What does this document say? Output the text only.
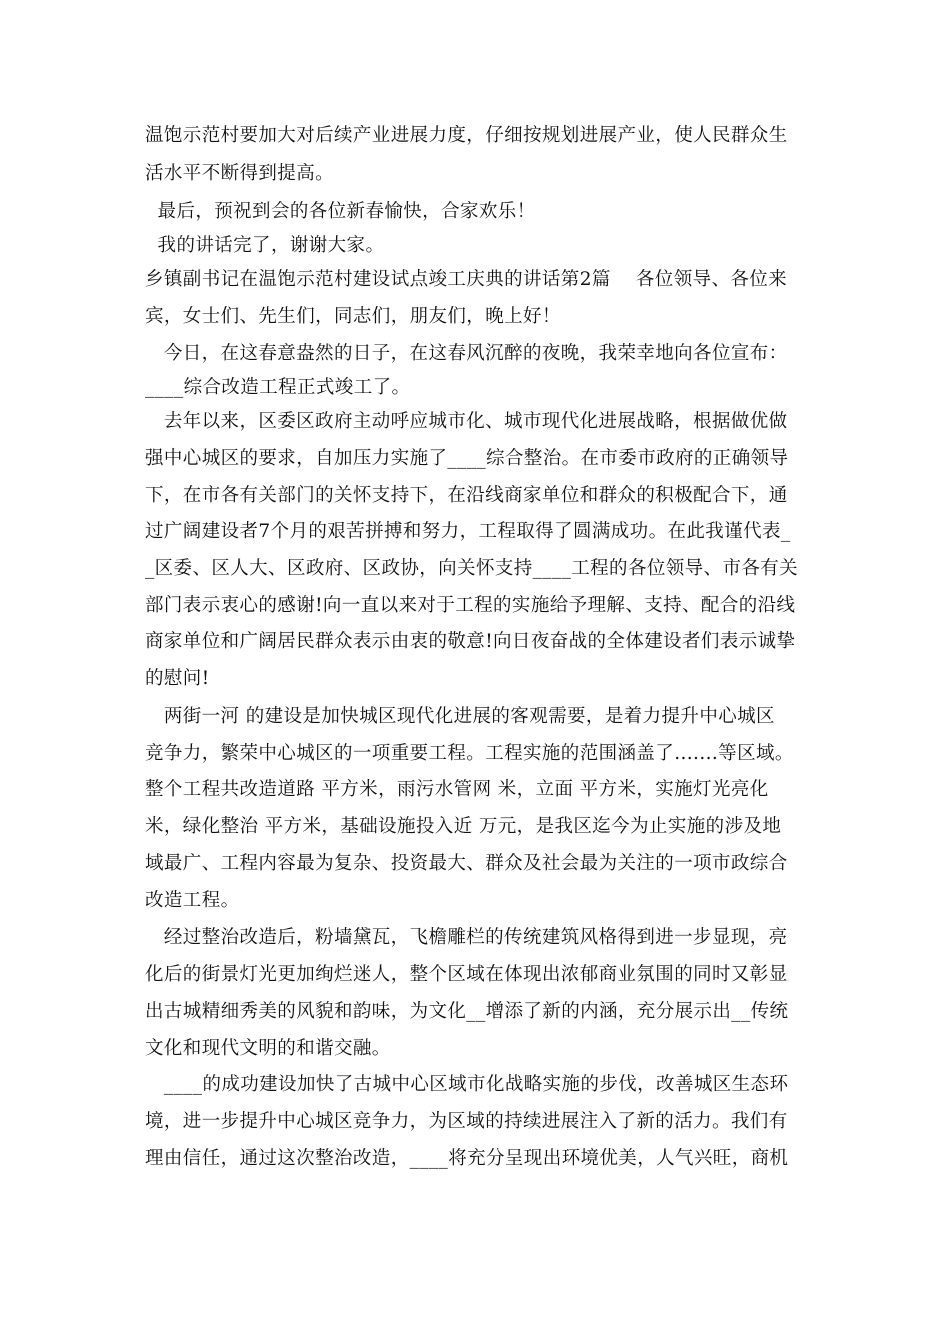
温饱示范村要加大对后续产业进展力度，仔细按规划进展产业，使人民群众生
活水平不断得到提高。
最后，预祝到会的各位新春愉快，合家欢乐！
我的讲话完了，谢谢大家。
乡镇副书记在温饱示范村建设试点竣工庆典的讲话第2篇    各位领导、各位来
宾，女士们、先生们，同志们，朋友们，晚上好！
今日，在这春意盎然的日子，在这春风沉醉的夜晚，我荣幸地向各位宣布：
____综合改造工程正式竣工了。
去年以来，区委区政府主动呼应城市化、城市现代化进展战略，根据做优做
强中心城区的要求，自加压力实施了____综合整治。在市委市政府的正确领导
下，在市各有关部门的关怀支持下，在沿线商家单位和群众的积极配合下，通
过广阔建设者7个月的艰苦拼搏和努力，工程取得了圆满成功。在此我谨代表_
_区委、区人大、区政府、区政协，向关怀支持____工程的各位领导、市各有关
部门表示衷心的感谢!向一直以来对于工程的实施给予理解、支持、配合的沿线
商家单位和广阔居民群众表示由衷的敬意!向日夜奋战的全体建设者们表示诚挚
的慰问!
两街一河 的建设是加快城区现代化进展的客观需要，是着力提升中心城区
竞争力，繁荣中心城区的一项重要工程。工程实施的范围涵盖了.......等区域。
整个工程共改造道路 平方米，雨污水管网 米，立面 平方米，实施灯光亮化
米，绿化整治 平方米，基础设施投入近 万元，是我区迄今为止实施的涉及地
域最广、工程内容最为复杂、投资最大、群众及社会最为关注的一项市政综合
改造工程。
经过整治改造后，粉墙黛瓦，飞檐雕栏的传统建筑风格得到进一步显现，亮
化后的街景灯光更加绚烂迷人，整个区域在体现出浓郁商业氛围的同时又彰显
出古城精细秀美的风貌和韵味，为文化__增添了新的内涵，充分展示出__传统
文化和现代文明的和谐交融。
____的成功建设加快了古城中心区域市化战略实施的步伐，改善城区生态环
境，进一步提升中心城区竞争力，为区域的持续进展注入了新的活力。我们有
理由信任，通过这次整治改造，____将充分呈现出环境优美，人气兴旺，商机
